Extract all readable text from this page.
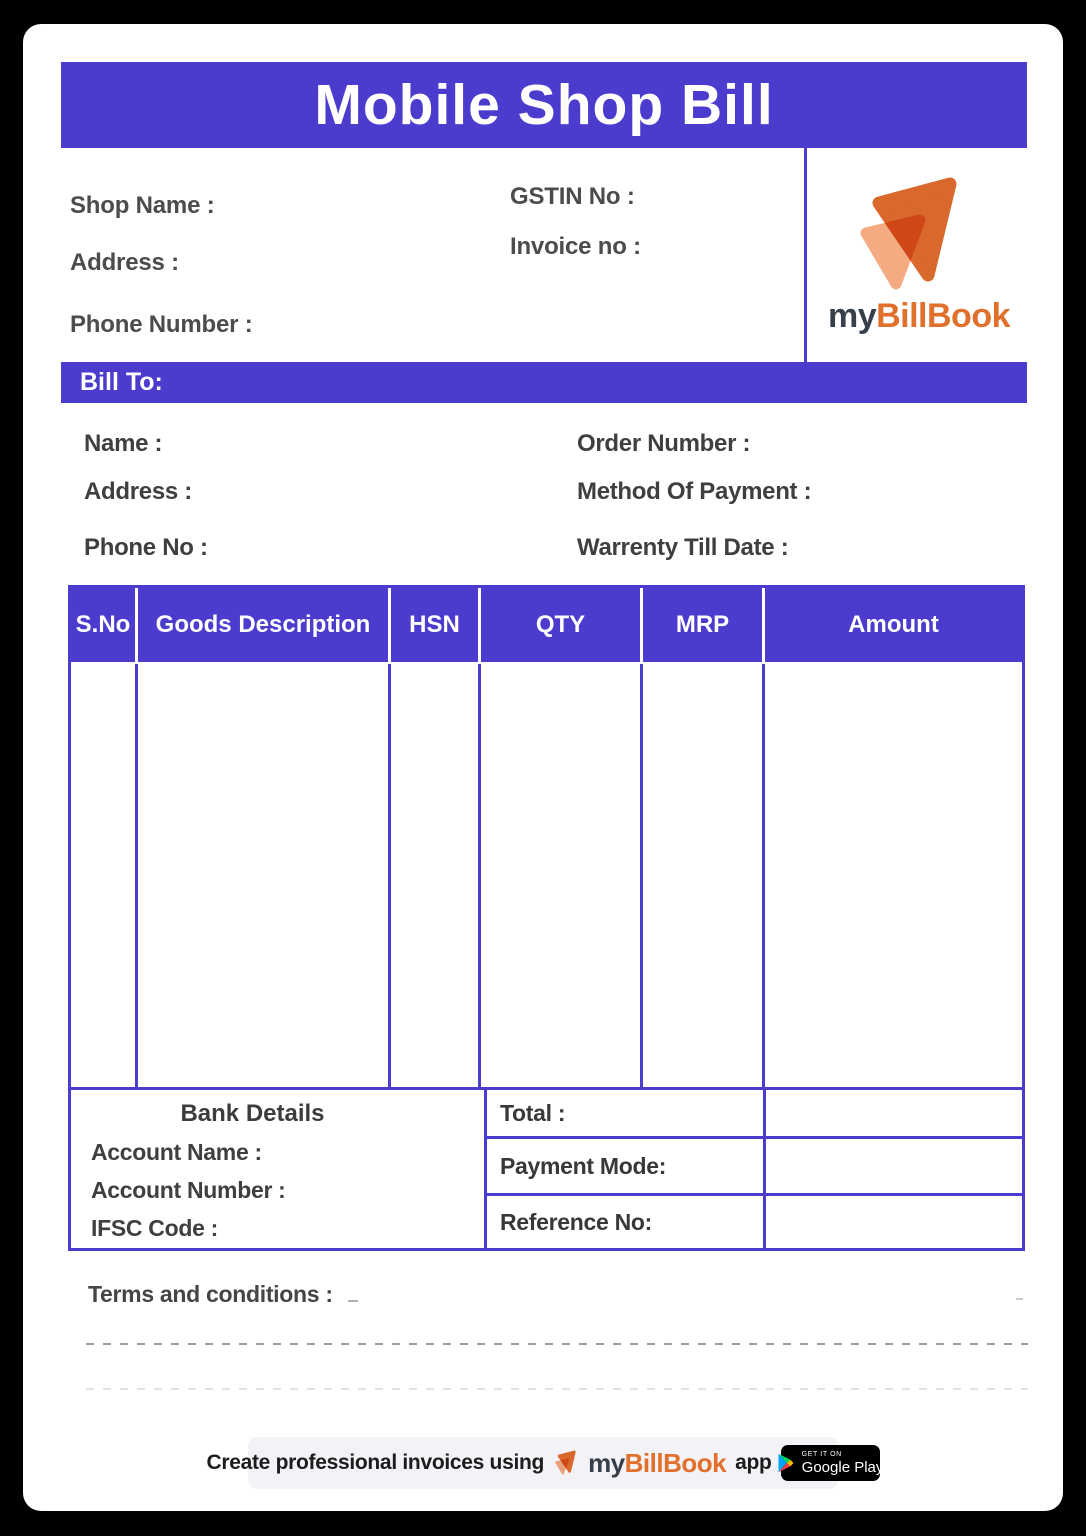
Mobile Shop Bill
Shop Name :
Address :
Phone Number :
GSTIN No :
Invoice no :
myBillBook
Bill To:
Name :
Address :
Phone No :
Order Number :
Method Of Payment :
Warrenty Till Date :
S.No	Goods Description	HSN	QTY	MRP	Amount
Bank Details
Account Name :
Account Number :
IFSC Code :
Total :
Payment Mode:
Reference No:
Terms and conditions :
Create professional invoices using myBillBook app	GET IT ON
Google Play
